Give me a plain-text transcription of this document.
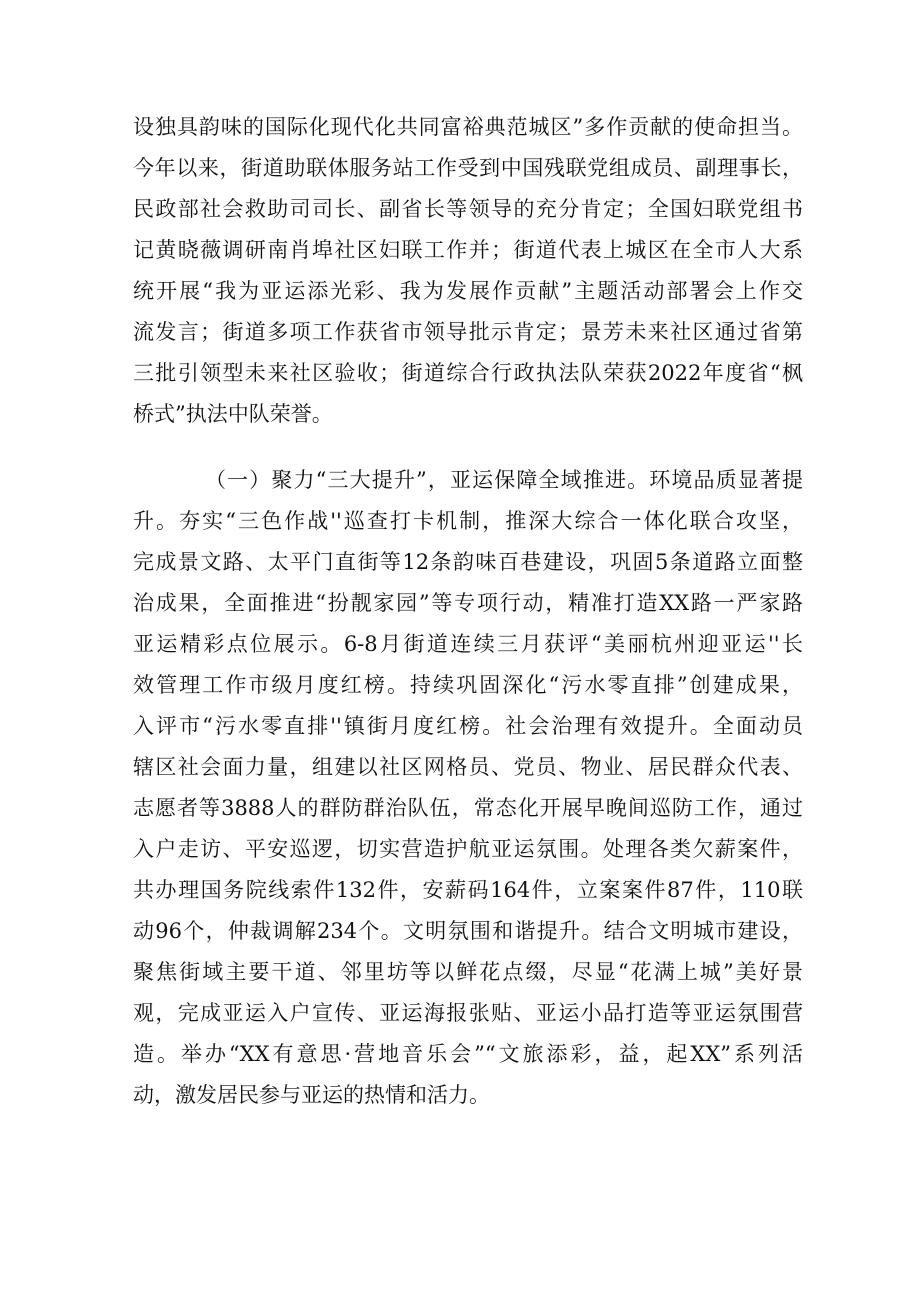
设独具韵味的国际化现代化共同富裕典范城区”多作贡献的使命担当。
今年以来，街道助联体服务站工作受到中国残联党组成员、副理事长，
民政部社会救助司司长、副省长等领导的充分肯定；全国妇联党组书
记黄晓薇调研南肖埠社区妇联工作并；街道代表上城区在全市人大系
统开展“我为亚运添光彩、我为发展作贡献”主题活动部署会上作交
流发言；街道多项工作获省市领导批示肯定；景芳未来社区通过省第
三批引领型未来社区验收；街道综合行政执法队荣获2022年度省“枫
桥式”执法中队荣誉。
（一）聚力“三大提升”，亚运保障全域推进。环境品质显著提
升。夯实“三色作战''巡查打卡机制，推深大综合一体化联合攻坚，
完成景文路、太平门直街等12条韵味百巷建设，巩固5条道路立面整
治成果，全面推进“扮靓家园”等专项行动，精准打造XX路一严家路
亚运精彩点位展示。6-8月街道连续三月获评“美丽杭州迎亚运''长
效管理工作市级月度红榜。持续巩固深化“污水零直排”创建成果，
入评市“污水零直排''镇街月度红榜。社会治理有效提升。全面动员
辖区社会面力量，组建以社区网格员、党员、物业、居民群众代表、
志愿者等3888人的群防群治队伍，常态化开展早晚间巡防工作，通过
入户走访、平安巡逻，切实营造护航亚运氛围。处理各类欠薪案件，
共办理国务院线索件132件，安薪码164件，立案案件87件，110联
动96个，仲裁调解234个。文明氛围和谐提升。结合文明城市建设，
聚焦街域主要干道、邻里坊等以鲜花点缀，尽显“花满上城”美好景
观，完成亚运入户宣传、亚运海报张贴、亚运小品打造等亚运氛围营
造。举办“XX有意思·营地音乐会”“文旅添彩，益，起XX”系列活
动，激发居民参与亚运的热情和活力。
